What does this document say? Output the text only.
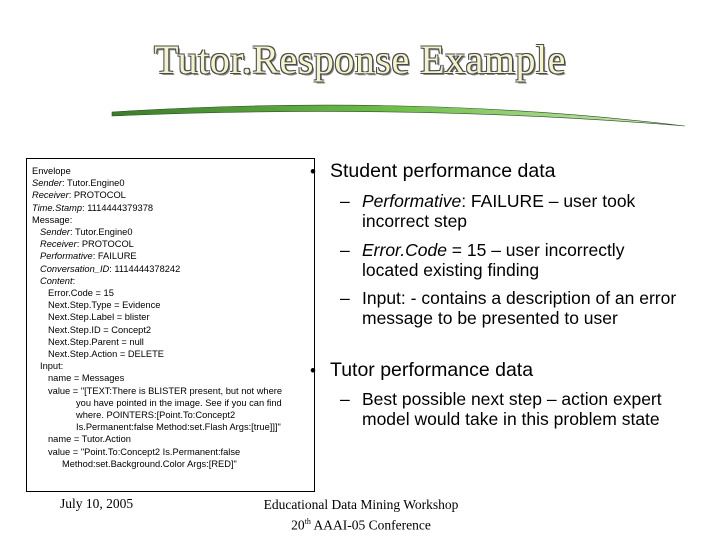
Tutor.Response Example
Envelope
Sender: Tutor.Engine0
Receiver: PROTOCOL
Time.Stamp: 1114444379378
Message:
Sender: Tutor.Engine0
Receiver: PROTOCOL
Performative: FAILURE
Conversation_ID: 1114444378242
Content:
Error.Code = 15
Next.Step.Type = Evidence
Next.Step.Label = blister
Next.Step.ID = Concept2
Next.Step.Parent = null
Next.Step.Action = DELETE
Input:
name = Messages
value = "[TEXT:There is BLISTER present, but not where
you have pointed in the image. See if you can find
where. POINTERS:[Point.To:Concept2
Is.Permanent:false Method:set.Flash Args:[true]]]"
name = Tutor.Action
value = "Point.To:Concept2 Is.Permanent:false
Method:set.Background.Color Args:[RED]"
• Student performance data
– Performative: FAILURE – user took incorrect step
– Error.Code = 15 – user incorrectly located existing finding
– Input: - contains a description of an error message to be presented to user
• Tutor performance data
– Best possible next step – action expert model would take in this problem state
July 10, 2005	Educational Data Mining Workshop
20th AAAI-05 Conference
